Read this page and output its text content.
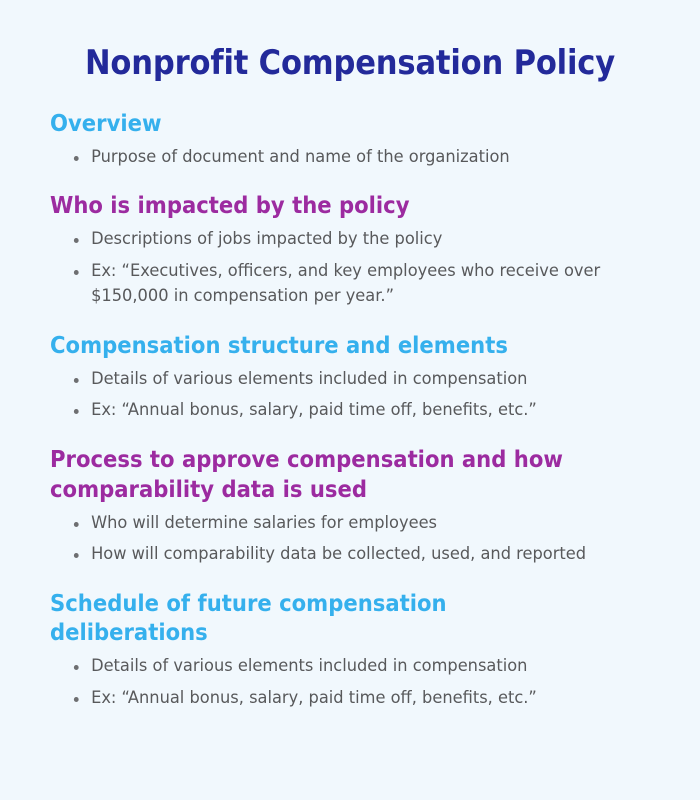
Nonprofit Compensation Policy
Overview
Purpose of document and name of the organization
Who is impacted by the policy
Descriptions of jobs impacted by the policy
Ex: “Executives, officers, and key employees who receive over $150,000 in compensation per year.”
Compensation structure and elements
Details of various elements included in compensation
Ex: “Annual bonus, salary, paid time off, benefits, etc.”
Process to approve compensation and how comparability data is used
Who will determine salaries for employees
How will comparability data be collected, used, and reported
Schedule of future compensation deliberations
Details of various elements included in compensation
Ex: “Annual bonus, salary, paid time off, benefits, etc.”
